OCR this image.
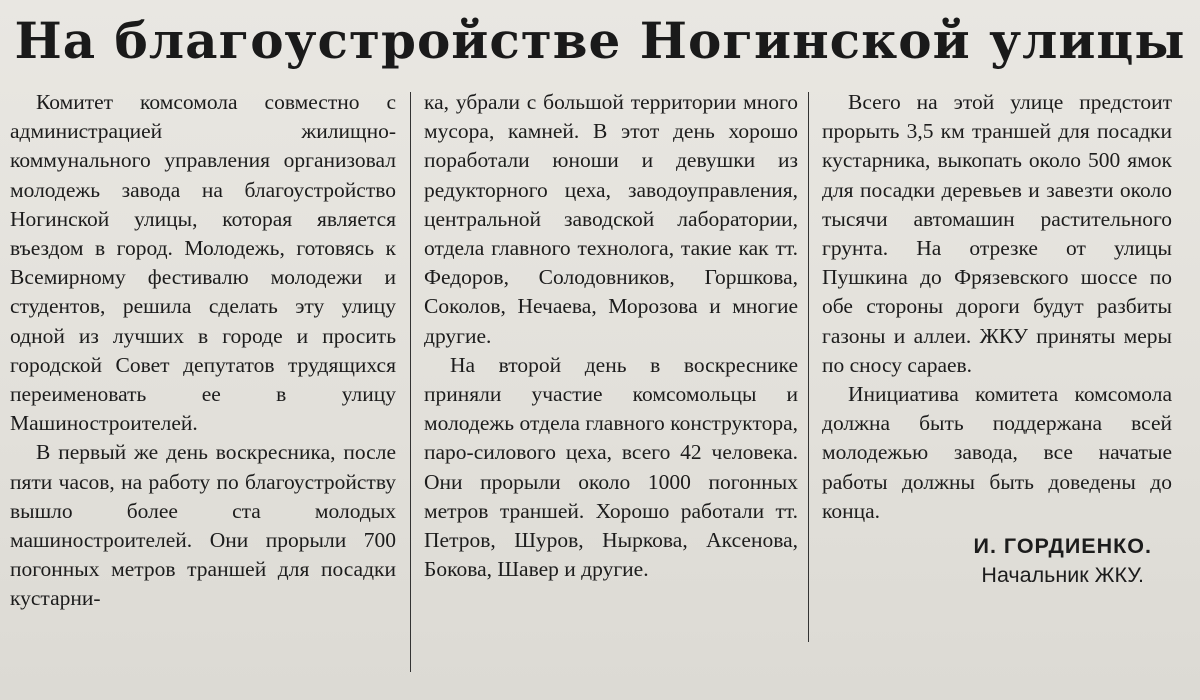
На благоустройстве Ногинской улицы

Комитет комсомола совместно с администрацией жилищно-коммунального управления организовал молодежь завода на благоустройство Ногинской улицы, которая является въездом в город. Молодежь, готовясь к Всемирному фестивалю молодежи и студентов, решила сделать эту улицу одной из лучших в городе и просить городской Совет депутатов трудящихся переименовать ее в улицу Машиностроителей.

В первый же день воскресника, после пяти часов, на работу по благоустройству вышло более ста молодых машиностроителей. Они прорыли 700 погонных метров траншей для посадки кустарни-

ка, убрали с большой территории много мусора, камней. В этот день хорошо поработали юноши и девушки из редукторного цеха, заводоуправления, центральной заводской лаборатории, отдела главного технолога, такие как тт. Федоров, Солодовников, Горшкова, Соколов, Нечаева, Морозова и многие другие.

На второй день в воскреснике приняли участие комсомольцы и молодежь отдела главного конструктора, паро-силового цеха, всего 42 человека. Они прорыли около 1000 погонных метров траншей. Хорошо работали тт. Петров, Шуров, Ныркова, Аксенова, Бокова, Шавер и другие.

Всего на этой улице предстоит прорыть 3,5 км траншей для посадки кустарника, выкопать около 500 ямок для посадки деревьев и завезти около тысячи автомашин растительного грунта. На отрезке от улицы Пушкина до Фрязевского шоссе по обе стороны дороги будут разбиты газоны и аллеи. ЖКУ приняты меры по сносу сараев.

Инициатива комитета комсомола должна быть поддержана всей молодежью завода, все начатые работы должны быть доведены до конца.

И. ГОРДИЕНКО.

Начальник ЖКУ.
